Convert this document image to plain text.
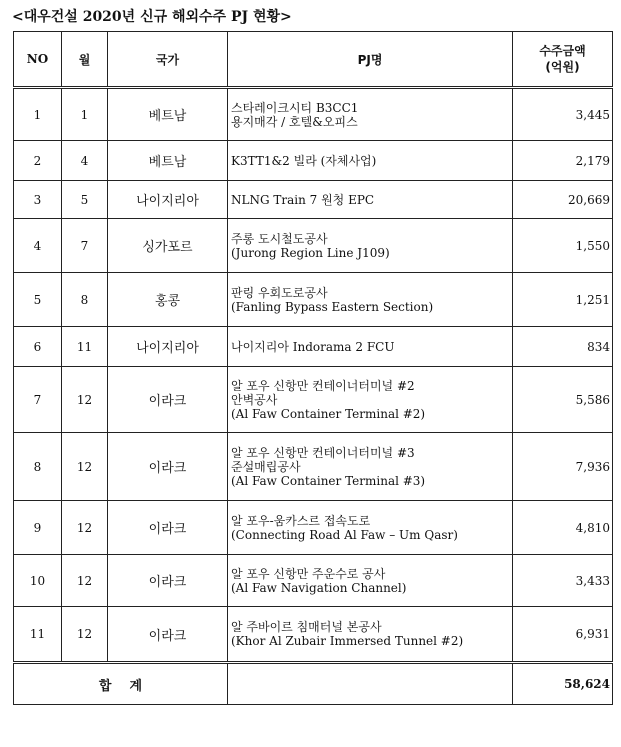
<대우건설 2020년 신규 해외수주 PJ 현황>
NO	월	국가	PJ명	수주금액
(억원)

1	1	베트남	스타레이크시티 B3CC1
용지매각 / 호텔&오피스	3,445
2	4	베트남	K3TT1&2 빌라 (자체사업)	2,179
3	5	나이지리아	NLNG Train 7 원청 EPC	20,669
4	7	싱가포르	주롱 도시철도공사
(Jurong Region Line J109)	1,550
5	8	홍콩	판링 우회도로공사
(Fanling Bypass Eastern Section)	1,251
6	11	나이지리아	나이지리아 Indorama 2 FCU	834
7	12	이라크	알 포우 신항만 컨테이너터미널 #2
안벽공사
(Al Faw Container Terminal #2)	5,586
8	12	이라크	알 포우 신항만 컨테이너터미널 #3
준설매립공사
(Al Faw Container Terminal #3)	7,936
9	12	이라크	알 포우-움카스르 접속도로
(Connecting Road Al Faw – Um Qasr)	4,810
10	12	이라크	알 포우 신항만 주운수로 공사
(Al Faw Navigation Channel)	3,433
11	12	이라크	알 주바이르 침매터널 본공사
(Khor Al Zubair Immersed Tunnel #2)	6,931
합    계				58,624
